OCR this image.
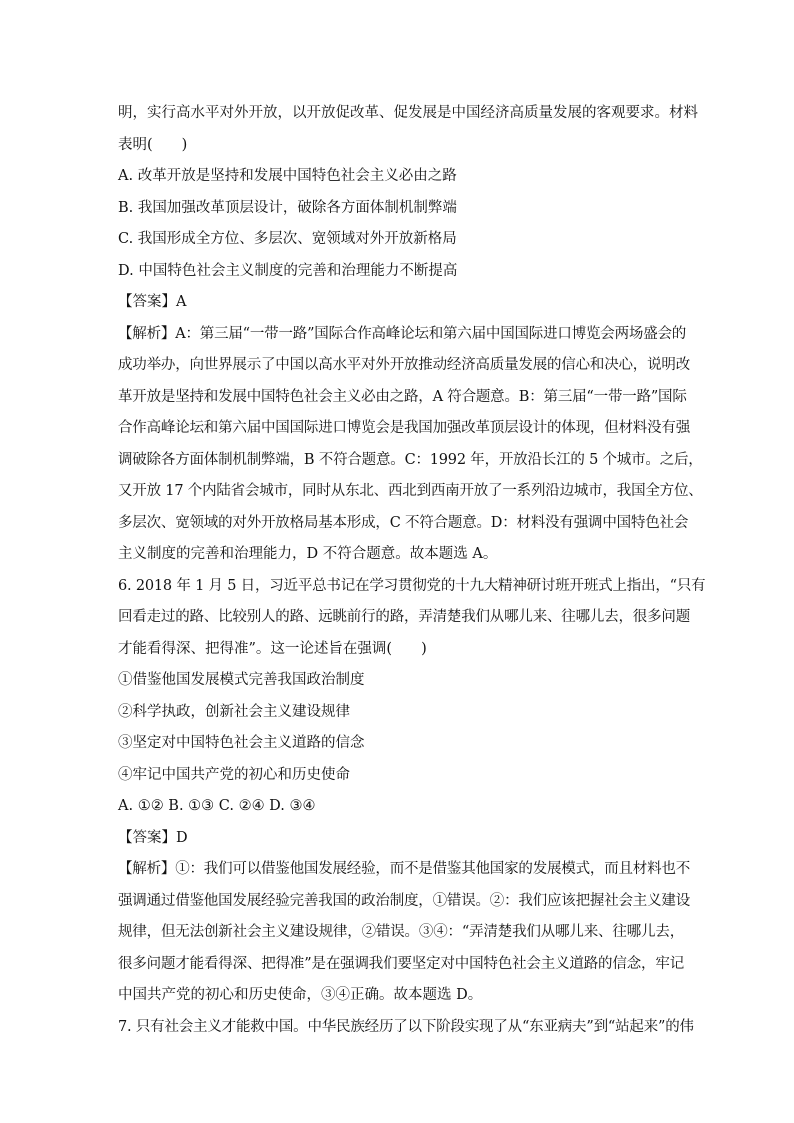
明，实行高水平对外开放，以开放促改革、促发展是中国经济高质量发展的客观要求。材料
表明(　　)
A. 改革开放是坚持和发展中国特色社会主义必由之路
B. 我国加强改革顶层设计，破除各方面体制机制弊端
C. 我国形成全方位、多层次、宽领域对外开放新格局
D. 中国特色社会主义制度的完善和治理能力不断提高
【答案】A
【解析】A：第三届“一带一路”国际合作高峰论坛和第六届中国国际进口博览会两场盛会的
成功举办，向世界展示了中国以高水平对外开放推动经济高质量发展的信心和决心，说明改
革开放是坚持和发展中国特色社会主义必由之路，A 符合题意。B：第三届“一带一路”国际
合作高峰论坛和第六届中国国际进口博览会是我国加强改革顶层设计的体现，但材料没有强
调破除各方面体制机制弊端，B 不符合题意。C：1992 年，开放沿长江的 5 个城市。之后，
又开放 17 个内陆省会城市，同时从东北、西北到西南开放了一系列沿边城市，我国全方位、
多层次、宽领域的对外开放格局基本形成，C 不符合题意。D：材料没有强调中国特色社会
主义制度的完善和治理能力，D 不符合题意。故本题选 A。
6. 2018 年 1 月 5 日，习近平总书记在学习贯彻党的十九大精神研讨班开班式上指出，“只有
回看走过的路、比较别人的路、远眺前行的路，弄清楚我们从哪儿来、往哪儿去，很多问题
才能看得深、把得准”。这一论述旨在强调(　　)
①借鉴他国发展模式完善我国政治制度
②科学执政，创新社会主义建设规律
③坚定对中国特色社会主义道路的信念
④牢记中国共产党的初心和历史使命
A. ①② B. ①③ C. ②④ D. ③④
【答案】D
【解析】①：我们可以借鉴他国发展经验，而不是借鉴其他国家的发展模式，而且材料也不
强调通过借鉴他国发展经验完善我国的政治制度，①错误。②：我们应该把握社会主义建设
规律，但无法创新社会主义建设规律，②错误。③④：“弄清楚我们从哪儿来、往哪儿去，
很多问题才能看得深、把得准”是在强调我们要坚定对中国特色社会主义道路的信念，牢记
中国共产党的初心和历史使命，③④正确。故本题选 D。
7. 只有社会主义才能救中国。中华民族经历了以下阶段实现了从“东亚病夫”到“站起来”的伟
